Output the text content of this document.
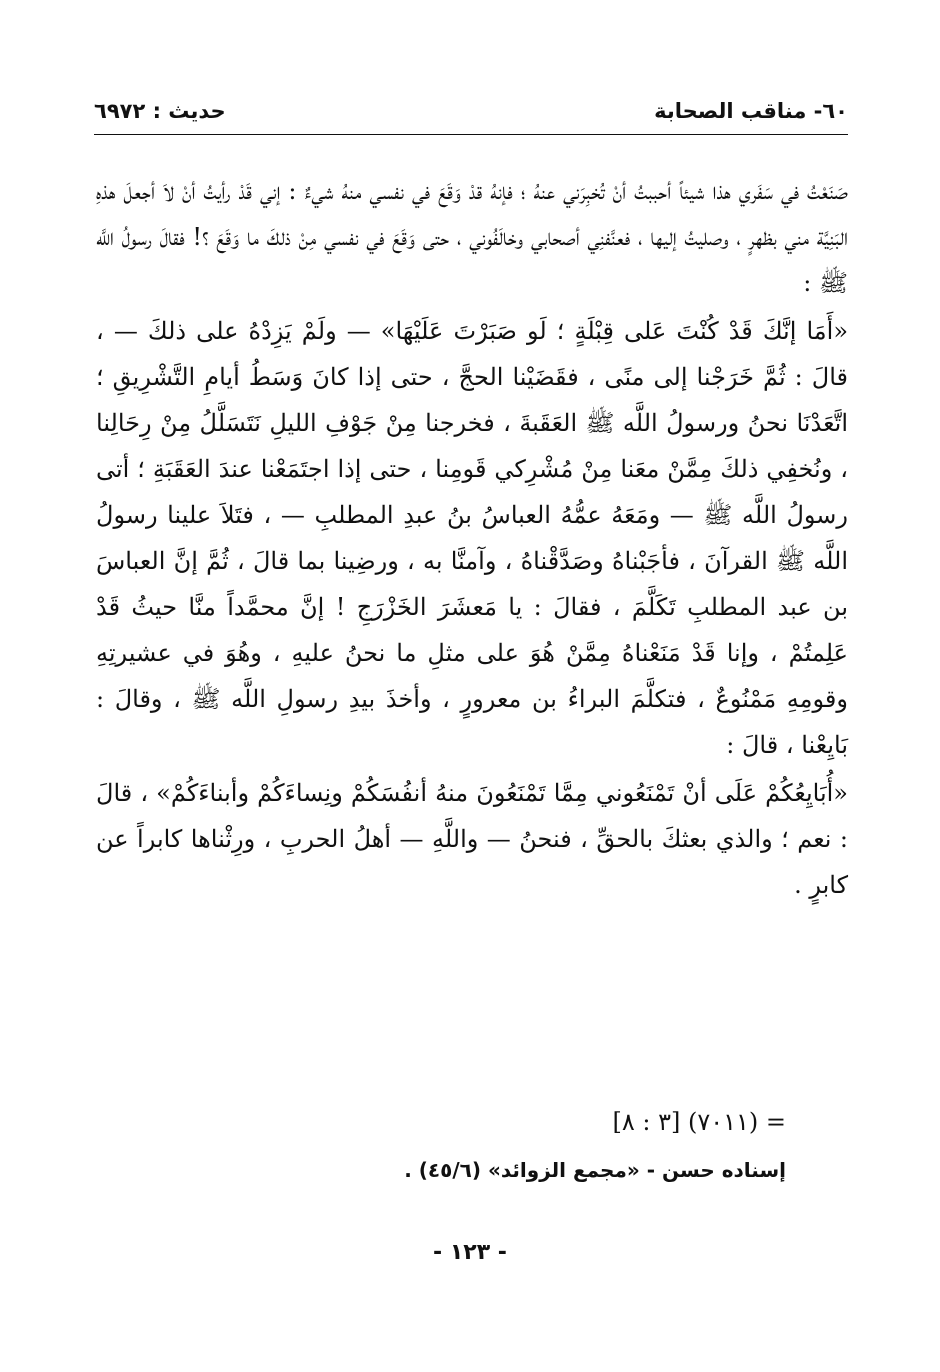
٦٠- مناقب الصحابة
حديث : ٦٩٧٢

صَنَعْتُ في سَفَري هذا شيئاً أحببتُ أنْ تُخبِرَني عنهُ ؛ فإنهُ قدْ وَقَعَ في نفسي منهُ شيءٌ : إني قَدْ رأيتُ أنْ لاَ أجعلَ هذهِ البَنِيَّة مني بظهرٍ ، وصليتُ إليها ، فعنَّفنِي أصحابي وخالَفُوني ، حتى وَقَعَ في نفسي مِنْ ذلكَ ما وَقَعَ ؟! فقالَ رسولُ اللَّه ﷺ :

«أَمَا إنَّكَ قَدْ كُنْتَ عَلى قِبْلَةٍ ؛ لَو صَبَرْتَ عَلَيْهَا» — ولَمْ يَزِدْهُ على ذلكَ — ، قالَ : ثُمَّ خَرَجْنا إلى منًى ، فقَضَيْنا الحجَّ ، حتى إذا كانَ وَسَطُ أيامِ التَّشْرِيقِ ؛ اتَّعَدْنَا نحنُ ورسولُ اللَّه ﷺ العَقَبةَ ، فخرجنا مِنْ جَوْفِ الليلِ نَتَسَلَّلُ مِنْ رِحَالِنا ، ونُخفِي ذلكَ مِمَّنْ معَنا مِنْ مُشْرِكي قَومِنا ، حتى إذا اجتَمَعْنا عندَ العَقَبَةِ ؛ أتى رسولُ اللَّه ﷺ — ومَعَهُ عمُّهُ العباسُ بنُ عبدِ المطلبِ — ، فتَلاَ علينا رسولُ اللَّه ﷺ القرآنَ ، فأجَبْناهُ وصَدَّقْناهُ ، وآمنَّا به ، ورضِينا بما قالَ ، ثُمَّ إنَّ العباسَ بن عبد المطلبِ تَكَلَّمَ ، فقالَ : يا مَعشَرَ الخَزْرَجِ ! إنَّ محمَّداً منَّا حيثُ قَدْ عَلِمتُمْ ، وإنا قَدْ مَنَعْناهُ مِمَّنْ هُوَ على مثلِ ما نحنُ عليهِ ، وهُوَ في عشيرتِهِ وقومِهِ مَمْنُوعٌ ، فتكلَّمَ البراءُ بن معرورٍ ، وأخذَ بيدِ رسولِ اللَّه ﷺ ، وقالَ : بَايِعْنا ، قالَ :

«أُبَايِعُكُمْ عَلَى أنْ تَمْنَعُوني مِمَّا تَمْنَعُونَ منهُ أنفُسَكُمْ ونِساءَكُمْ وأبناءَكُمْ» ، قالَ : نعم ؛ والذي بعثكَ بالحقِّ ، فنحنُ — واللَّهِ — أهلُ الحربِ ، ورِثْناها كابراً عن كابرٍ .

= (٧٠١١) [٣ : ٨]
إسناده حسن - «مجمع الزوائد» (٤٥/٦) .
- ١٢٣ -
